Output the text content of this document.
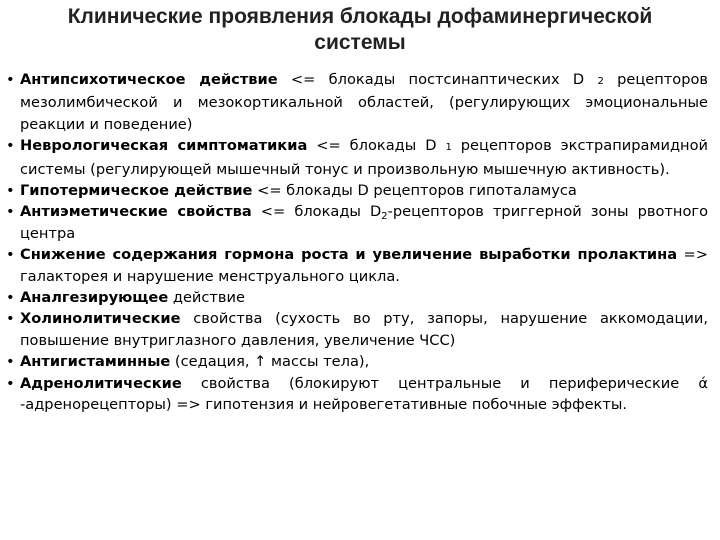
Клинические проявления блокады дофаминергической
системы
• Антипсихотическое действие <= блокады постсинаптических D 2 рецепторов мезолимбической и мезокортикальной областей, (регулирующих эмоциональные реакции и поведение)
• Неврологическая симптоматикиа <= блокады D 1 рецепторов экстрапирамидной системы (регулирующей мышечный тонус и произвольную мышечную активность).
• Гипотермическое действие <= блокады D рецепторов гипоталамуса
• Антиэметические свойства <= блокады $D_2$-рецепторов триггерной зоны рвотного центра
• Снижение содержания гормона роста и увеличение выработки пролактина => галакторея и нарушение менструального цикла.
• Аналгезирующее действие
• Холинолитические свойства (сухость во рту, запоры, нарушение аккомодации, повышение внутриглазного давления, увеличение ЧСС)
• Антигистаминные (седация, ↑ массы тела),
• Адренолитические свойства (блокируют центральные и периферические ά -адренорецепторы) => гипотензия и нейровегетативные побочные эффекты.
